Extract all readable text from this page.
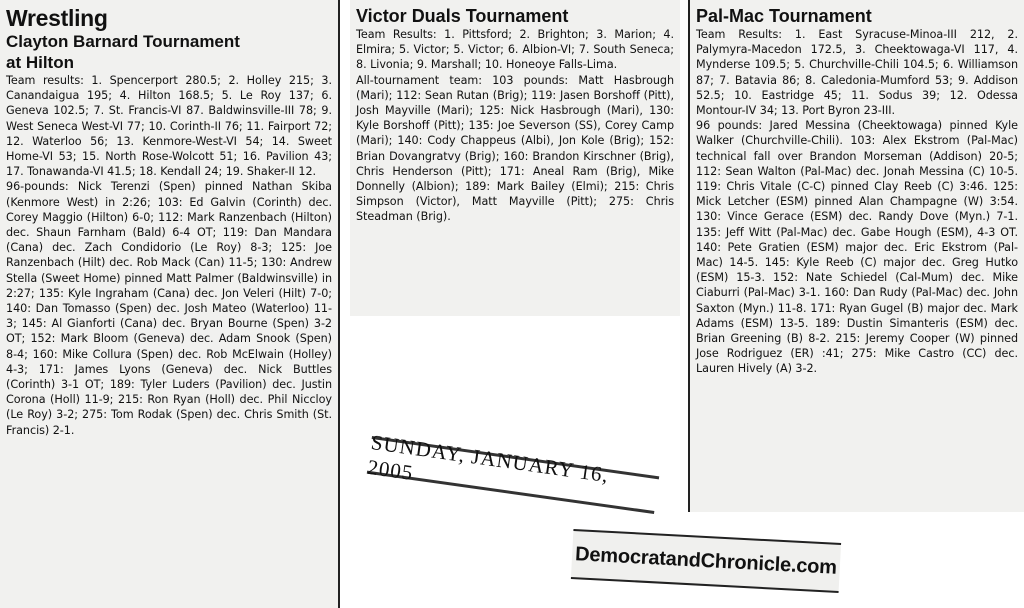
Wrestling
Clayton Barnard Tournament
at Hilton

Team results: 1. Spencerport 280.5; 2. Holley 215; 3. Canandaigua 195; 4. Hilton 168.5; 5. Le Roy 137; 6. Geneva 102.5; 7. St. Francis-VI 87. Baldwinsville-III 78; 9. West Seneca West-VI 77; 10. Corinth-II 76; 11. Fairport 72; 12. Waterloo 56; 13. Kenmore-West-VI 54; 14. Sweet Home-VI 53; 15. North Rose-Wolcott 51; 16. Pavilion 43; 17. Tonawanda-VI 41.5; 18. Kendall 24; 19. Shaker-II 12.

96-pounds: Nick Terenzi (Spen) pinned Nathan Skiba (Kenmore West) in 2:26; 103: Ed Galvin (Corinth) dec. Corey Maggio (Hilton) 6-0; 112: Mark Ranzenbach (Hilton) dec. Shaun Farnham (Bald) 6-4 OT; 119: Dan Mandara (Cana) dec. Zach Condidorio (Le Roy) 8-3; 125: Joe Ranzenbach (Hilt) dec. Rob Mack (Can) 11-5; 130: Andrew Stella (Sweet Home) pinned Matt Palmer (Baldwinsville) in 2:27; 135: Kyle Ingraham (Cana) dec. Jon Veleri (Hilt) 7-0; 140: Dan Tomasso (Spen) dec. Josh Mateo (Waterloo) 11-3; 145: Al Gianforti (Cana) dec. Bryan Bourne (Spen) 3-2 OT; 152: Mark Bloom (Geneva) dec. Adam Snook (Spen) 8-4; 160: Mike Collura (Spen) dec. Rob McElwain (Holley) 4-3; 171: James Lyons (Geneva) dec. Nick Buttles (Corinth) 3-1 OT; 189: Tyler Luders (Pavilion) dec. Justin Corona (Holl) 11-9; 215: Ron Ryan (Holl) dec. Phil Niccloy (Le Roy) 3-2; 275: Tom Rodak (Spen) dec. Chris Smith (St. Francis) 2-1.

Victor Duals Tournament

Team Results: 1. Pittsford; 2. Brighton; 3. Marion; 4. Elmira; 5. Victor; 5. Victor; 6. Albion-VI; 7. South Seneca; 8. Livonia; 9. Marshall; 10. Honeoye Falls-Lima.

All-tournament team: 103 pounds: Matt Hasbrough (Mari); 112: Sean Rutan (Brig); 119: Jasen Borshoff (Pitt), Josh Mayville (Mari); 125: Nick Hasbrough (Mari), 130: Kyle Borshoff (Pitt); 135: Joe Severson (SS), Corey Camp (Mari); 140: Cody Chappeus (Albi), Jon Kole (Brig); 152: Brian Dovangratvy (Brig); 160: Brandon Kirschner (Brig), Chris Henderson (Pitt); 171: Aneal Ram (Brig), Mike Donnelly (Albion); 189: Mark Bailey (Elmi); 215: Chris Simpson (Victor), Matt Mayville (Pitt); 275: Chris Steadman (Brig).

Pal-Mac Tournament

Team Results: 1. East Syracuse-Minoa-III 212, 2. Palymyra-Macedon 172.5, 3. Cheektowaga-VI 117, 4. Mynderse 109.5; 5. Churchville-Chili 104.5; 6. Williamson 87; 7. Batavia 86; 8. Caledonia-Mumford 53; 9. Addison 52.5; 10. Eastridge 45; 11. Sodus 39; 12. Odessa Montour-IV 34; 13. Port Byron 23-III.

96 pounds: Jared Messina (Cheektowaga) pinned Kyle Walker (Churchville-Chili). 103: Alex Ekstrom (Pal-Mac) technical fall over Brandon Morseman (Addison) 20-5; 112: Sean Walton (Pal-Mac) dec. Jonah Messina (C) 10-5. 119: Chris Vitale (C-C) pinned Clay Reeb (C) 3:46. 125: Mick Letcher (ESM) pinned Alan Champagne (W) 3:54. 130: Vince Gerace (ESM) dec. Randy Dove (Myn.) 7-1. 135: Jeff Witt (Pal-Mac) dec. Gabe Hough (ESM), 4-3 OT. 140: Pete Gratien (ESM) major dec. Eric Ekstrom (Pal-Mac) 14-5. 145: Kyle Reeb (C) major dec. Greg Hutko (ESM) 15-3. 152: Nate Schiedel (Cal-Mum) dec. Mike Ciaburri (Pal-Mac) 3-1. 160: Dan Rudy (Pal-Mac) dec. John Saxton (Myn.) 11-8. 171: Ryan Gugel (B) major dec. Mark Adams (ESM) 13-5. 189: Dustin Simanteris (ESM) dec. Brian Greening (B) 8-2. 215: Jeremy Cooper (W) pinned Jose Rodriguez (ER) :41; 275: Mike Castro (CC) dec. Lauren Hively (A) 3-2.

SUNDAY, JANUARY 16, 2005
DemocratandChronicle.com
